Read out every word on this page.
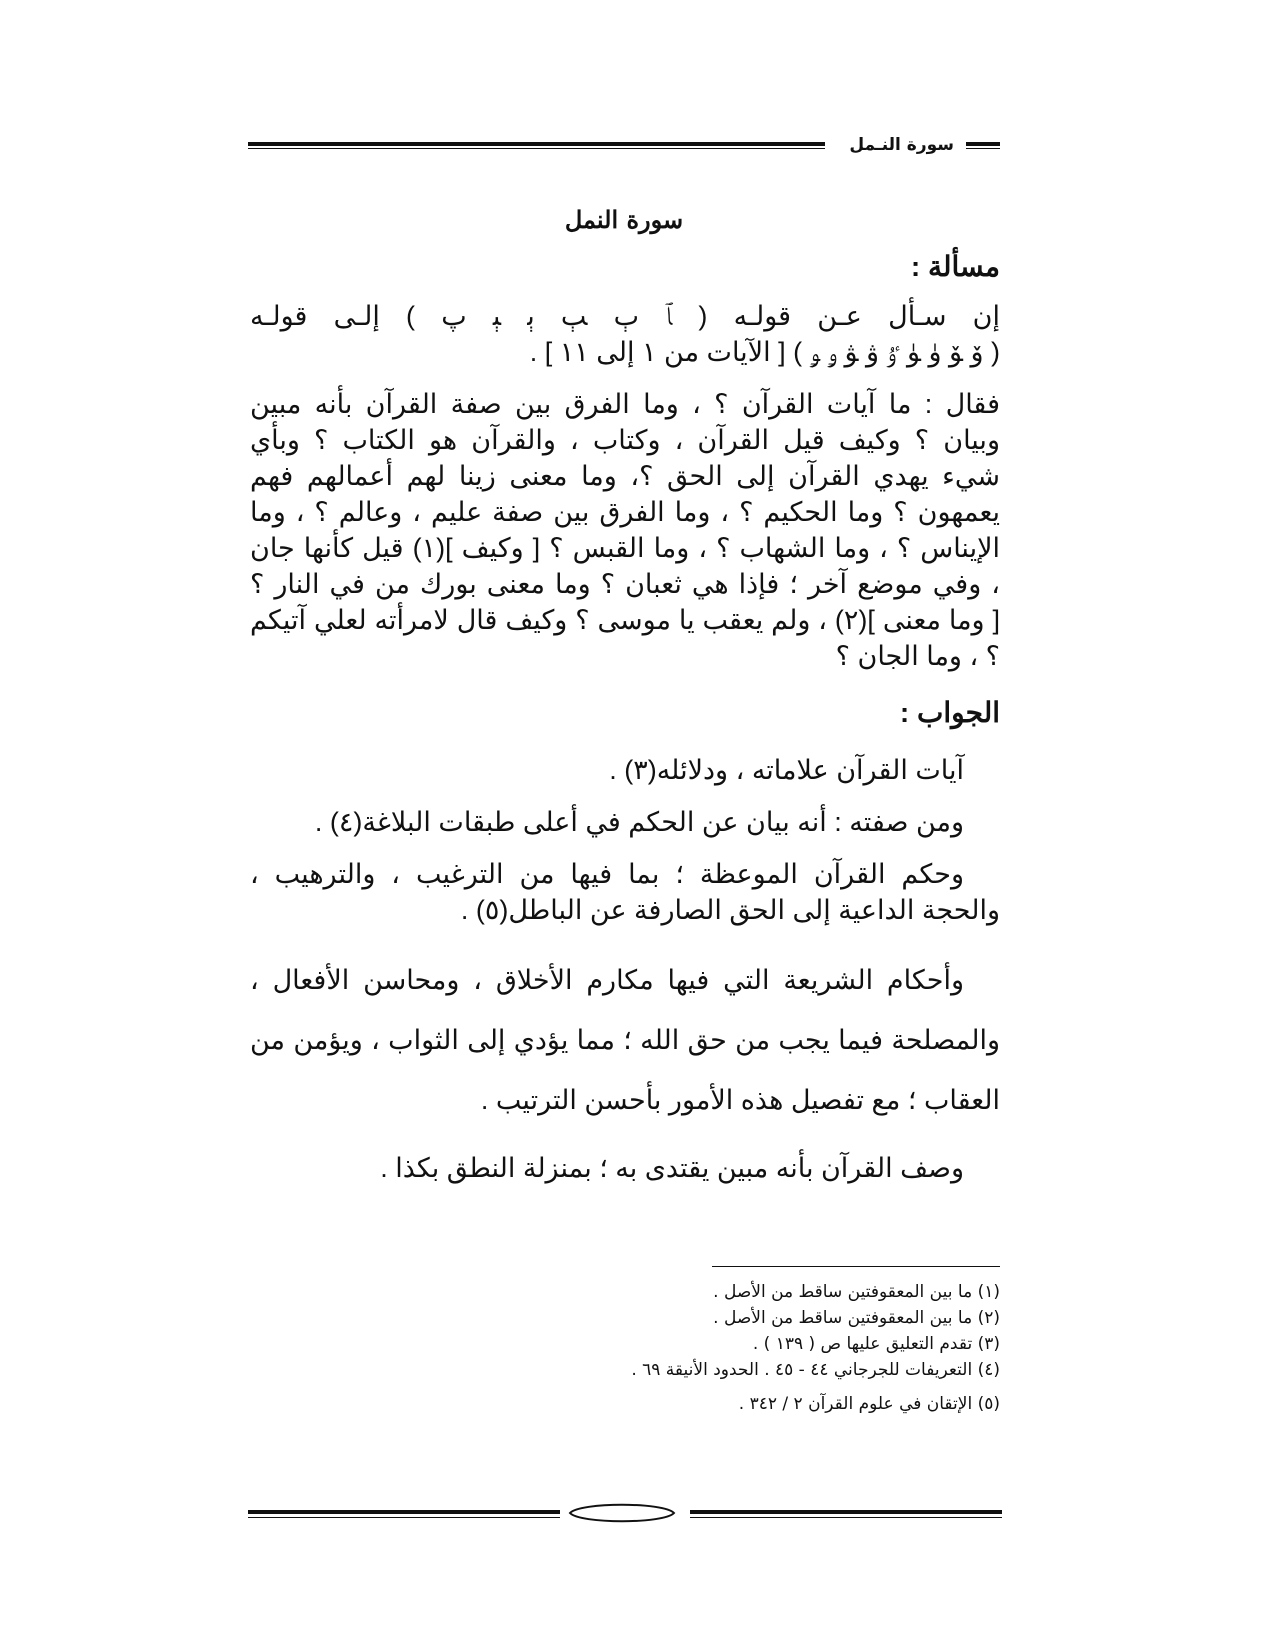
سورة النـمل
سورة النمل
مسألة :
إن سـأل عـن قولـه ( ﭑ ﭒ ﭓ ﭔ ﭕ ﭖ ) إلـى قولـه
( ﯙ ﯚ ﯛ ﯜ ﯝ ﯞ ﯟ ﯠ ﯡ ) [ الآيات من ١ إلى ١١ ] .
فقال : ما آيات القرآن ؟ ، وما الفرق بين صفة القرآن بأنه مبين
وبيان ؟ وكيف قيل القرآن ، وكتاب ، والقرآن هو الكتاب ؟ وبأي
شيء يهدي القرآن إلى الحق ؟، وما معنى زينا لهم أعمالهم فهم
يعمهون ؟ وما الحكيم ؟ ، وما الفرق بين صفة عليم ، وعالم ؟ ، وما
الإيناس ؟ ، وما الشهاب ؟ ، وما القبس ؟ [ وكيف ](١) قيل كأنها جان
، وفي موضع آخر ؛ فإذا هي ثعبان ؟ وما معنى بورك من في النار ؟
[ وما معنى ](٢) ، ولم يعقب يا موسى ؟ وكيف قال لامرأته لعلي آتيكم
؟ ، وما الجان ؟
الجواب :
آيات القرآن علاماته ، ودلائله(٣) .
ومن صفته : أنه بيان عن الحكم في أعلى طبقات البلاغة(٤) .
وحكم القرآن الموعظة ؛ بما فيها من الترغيب ، والترهيب ،
والحجة الداعية إلى الحق الصارفة عن الباطل(٥) .
وأحكام الشريعة التي فيها مكارم الأخلاق ، ومحاسن الأفعال ،
والمصلحة فيما يجب من حق الله ؛ مما يؤدي إلى الثواب ، ويؤمن من
العقاب ؛ مع تفصيل هذه الأمور بأحسن الترتيب .
وصف القرآن بأنه مبين يقتدى به ؛ بمنزلة النطق بكذا .
(١) ما بين المعقوفتين ساقط من الأصل .
(٢) ما بين المعقوفتين ساقط من الأصل .
(٣) تقدم التعليق عليها ص ( ١٣٩ ) .
(٤) التعريفات للجرجاني ٤٤ - ٤٥ . الحدود الأنيقة ٦٩ .
(٥) الإتقان في علوم القرآن ٢ / ٣٤٢ .
